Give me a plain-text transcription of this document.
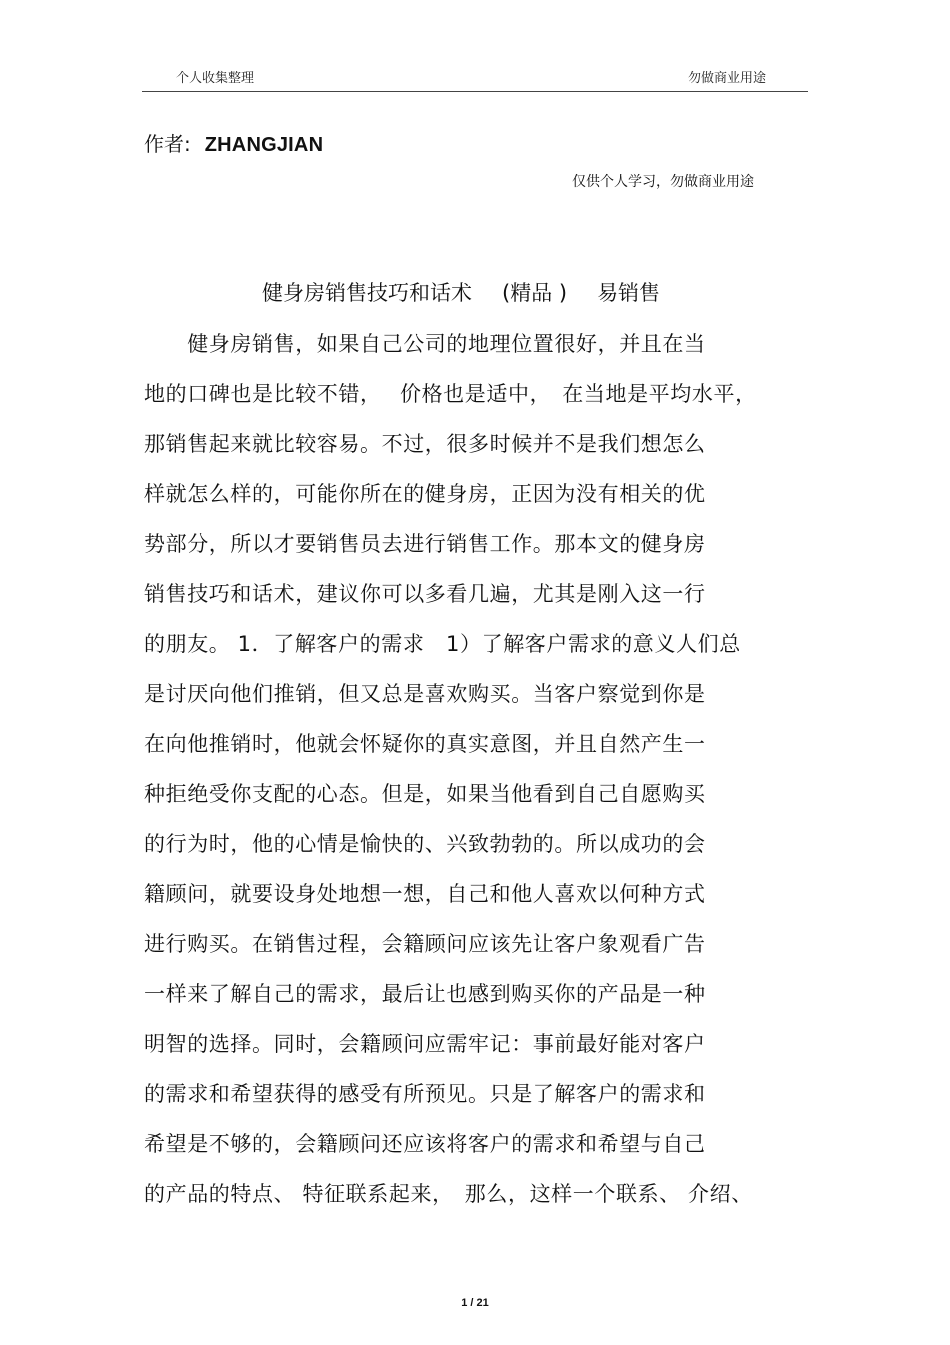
个人收集整理	勿做商业用途
作者: ZHANGJIAN
仅供个人学习，勿做商业用途
健身房销售技巧和话术 (精品 ) 易销售
　　健身房销售，如果自己公司的地理位置很好，并且在当
地的口碑也是比较不错，　 价格也是适中，　在当地是平均水平，
那销售起来就比较容易。不过，很多时候并不是我们想怎么
样就怎么样的，可能你所在的健身房，正因为没有相关的优
势部分，所以才要销售员去进行销售工作。那本文的健身房
销售技巧和话术，建议你可以多看几遍，尤其是刚入这一行
的朋友。 1．了解客户的需求　1）了解客户需求的意义人们总
是讨厌向他们推销，但又总是喜欢购买。当客户察觉到你是
在向他推销时，他就会怀疑你的真实意图，并且自然产生一
种拒绝受你支配的心态。但是，如果当他看到自己自愿购买
的行为时，他的心情是愉快的、兴致勃勃的。所以成功的会
籍顾问，就要设身处地想一想，自己和他人喜欢以何种方式
进行购买。在销售过程，会籍顾问应该先让客户象观看广告
一样来了解自己的需求，最后让也感到购买你的产品是一种
明智的选择。同时，会籍顾问应需牢记：事前最好能对客户
的需求和希望获得的感受有所预见。只是了解客户的需求和
希望是不够的，会籍顾问还应该将客户的需求和希望与自己
的产品的特点、 特征联系起来，　那么，这样一个联系、 介绍、
1 / 21
